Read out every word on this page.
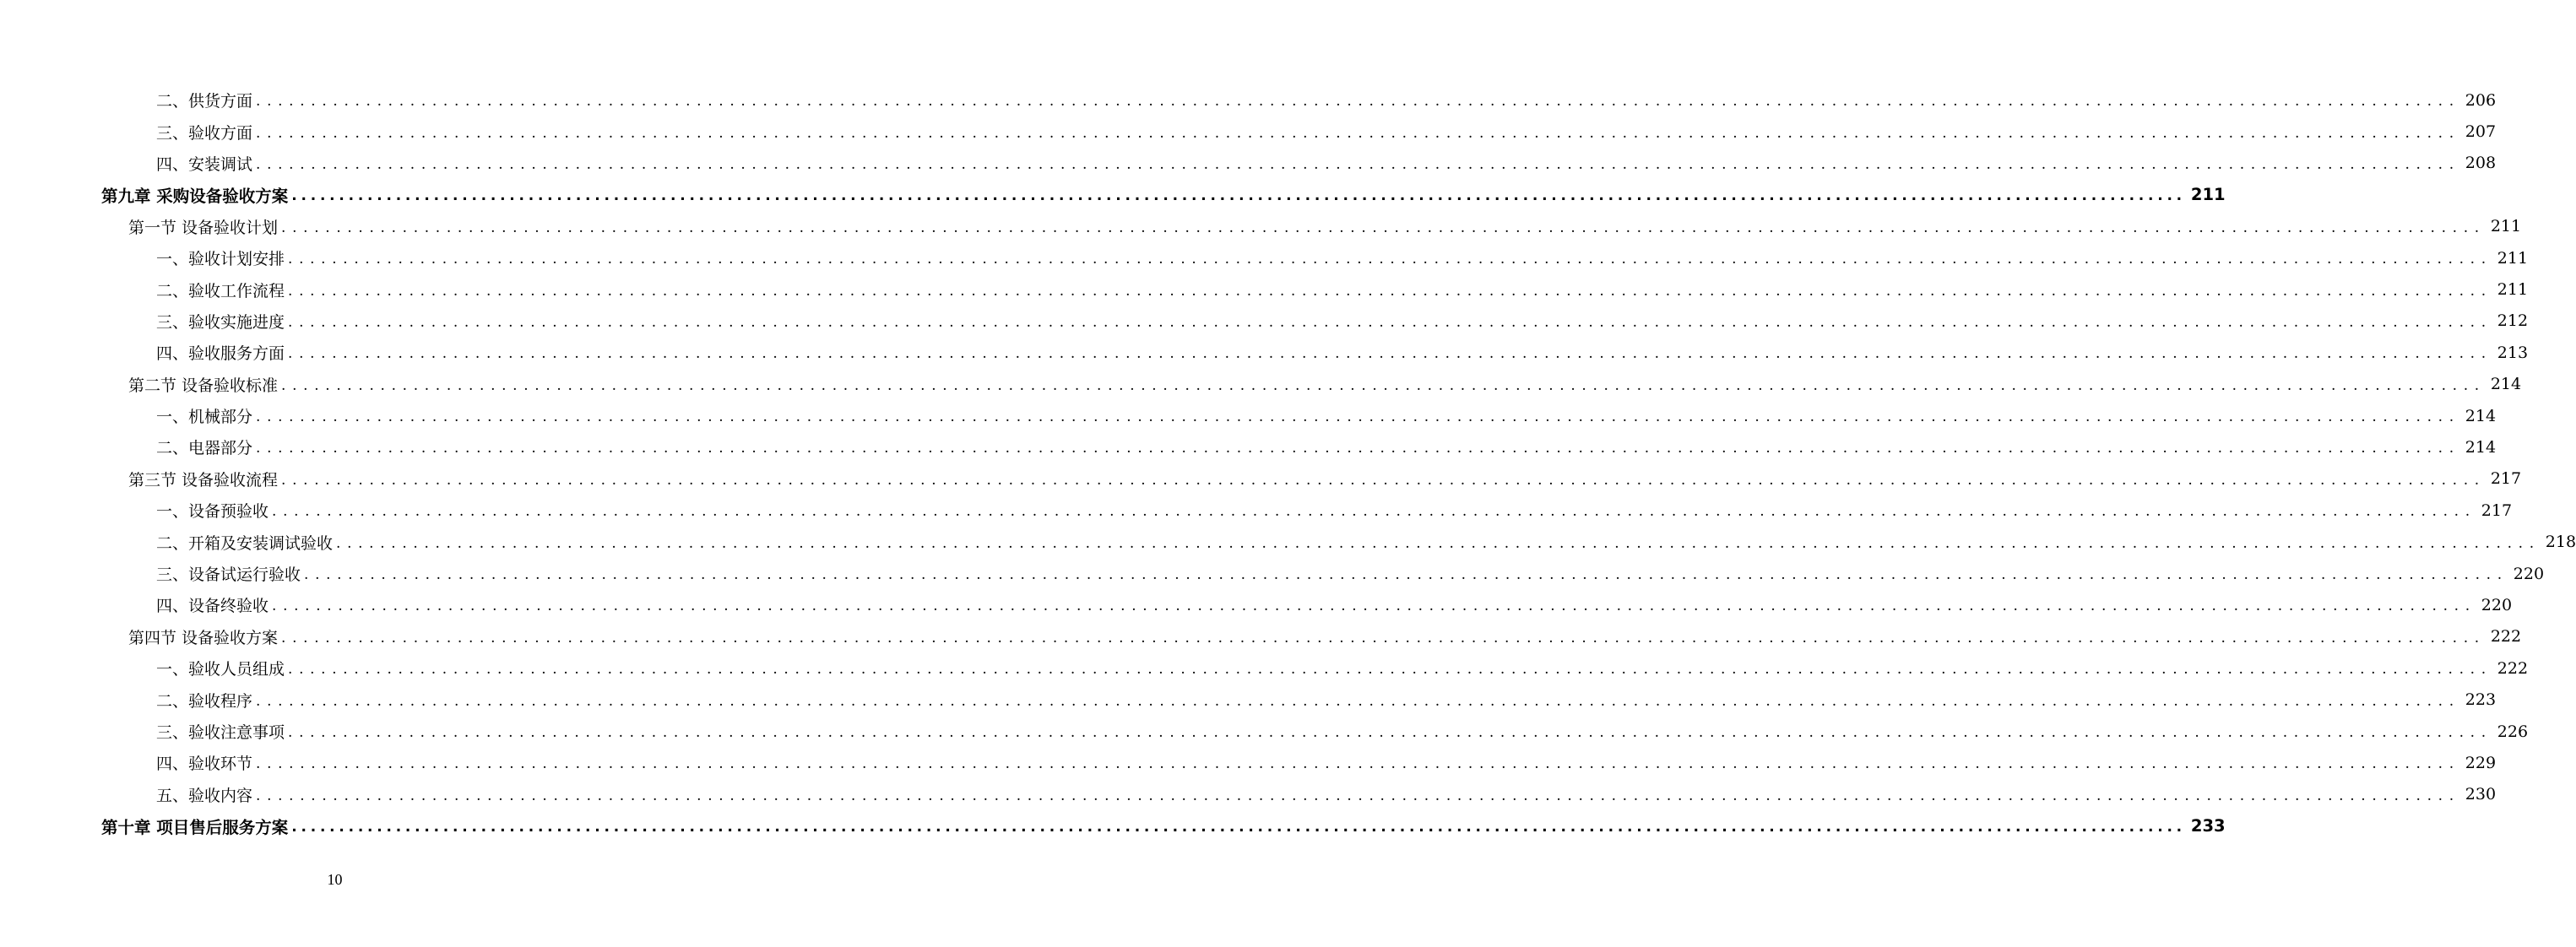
二、供货方面 ........................................................................................................................................................................................................ 206
三、验收方面 ........................................................................................................................................................................................................ 207
四、安装调试 ........................................................................................................................................................................................................ 208
第九章 采购设备验收方案 ........................................................................................................................................................................................................ 211
第一节 设备验收计划 ........................................................................................................................................................................................................ 211
一、验收计划安排 ........................................................................................................................................................................................................ 211
二、验收工作流程 ........................................................................................................................................................................................................ 211
三、验收实施进度 ........................................................................................................................................................................................................ 212
四、验收服务方面 ........................................................................................................................................................................................................ 213
第二节 设备验收标准 ........................................................................................................................................................................................................ 214
一、机械部分 ........................................................................................................................................................................................................ 214
二、电器部分 ........................................................................................................................................................................................................ 214
第三节 设备验收流程 ........................................................................................................................................................................................................ 217
一、设备预验收 ........................................................................................................................................................................................................ 217
二、开箱及安装调试验收 ........................................................................................................................................................................................................ 218
三、设备试运行验收 ........................................................................................................................................................................................................ 220
四、设备终验收 ........................................................................................................................................................................................................ 220
第四节 设备验收方案 ........................................................................................................................................................................................................ 222
一、验收人员组成 ........................................................................................................................................................................................................ 222
二、验收程序 ........................................................................................................................................................................................................ 223
三、验收注意事项 ........................................................................................................................................................................................................ 226
四、验收环节 ........................................................................................................................................................................................................ 229
五、验收内容 ........................................................................................................................................................................................................ 230
第十章 项目售后服务方案 ........................................................................................................................................................................................................ 233
10
